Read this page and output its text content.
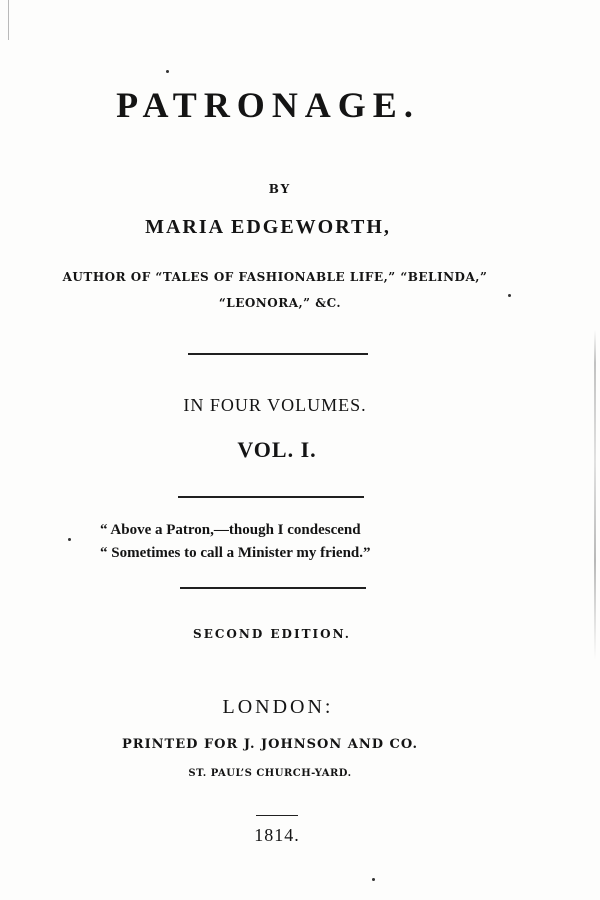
PATRONAGE.
BY
MARIA EDGEWORTH,
AUTHOR OF “TALES OF FASHIONABLE LIFE,” “BELINDA,”
“LEONORA,” &C.
IN FOUR VOLUMES.
VOL. I.
“ Above a Patron,—though I condescend
“ Sometimes to call a Minister my friend.”
SECOND EDITION.
LONDON:
PRINTED FOR J. JOHNSON AND CO.
ST. PAUL’S CHURCH-YARD.
1814.
